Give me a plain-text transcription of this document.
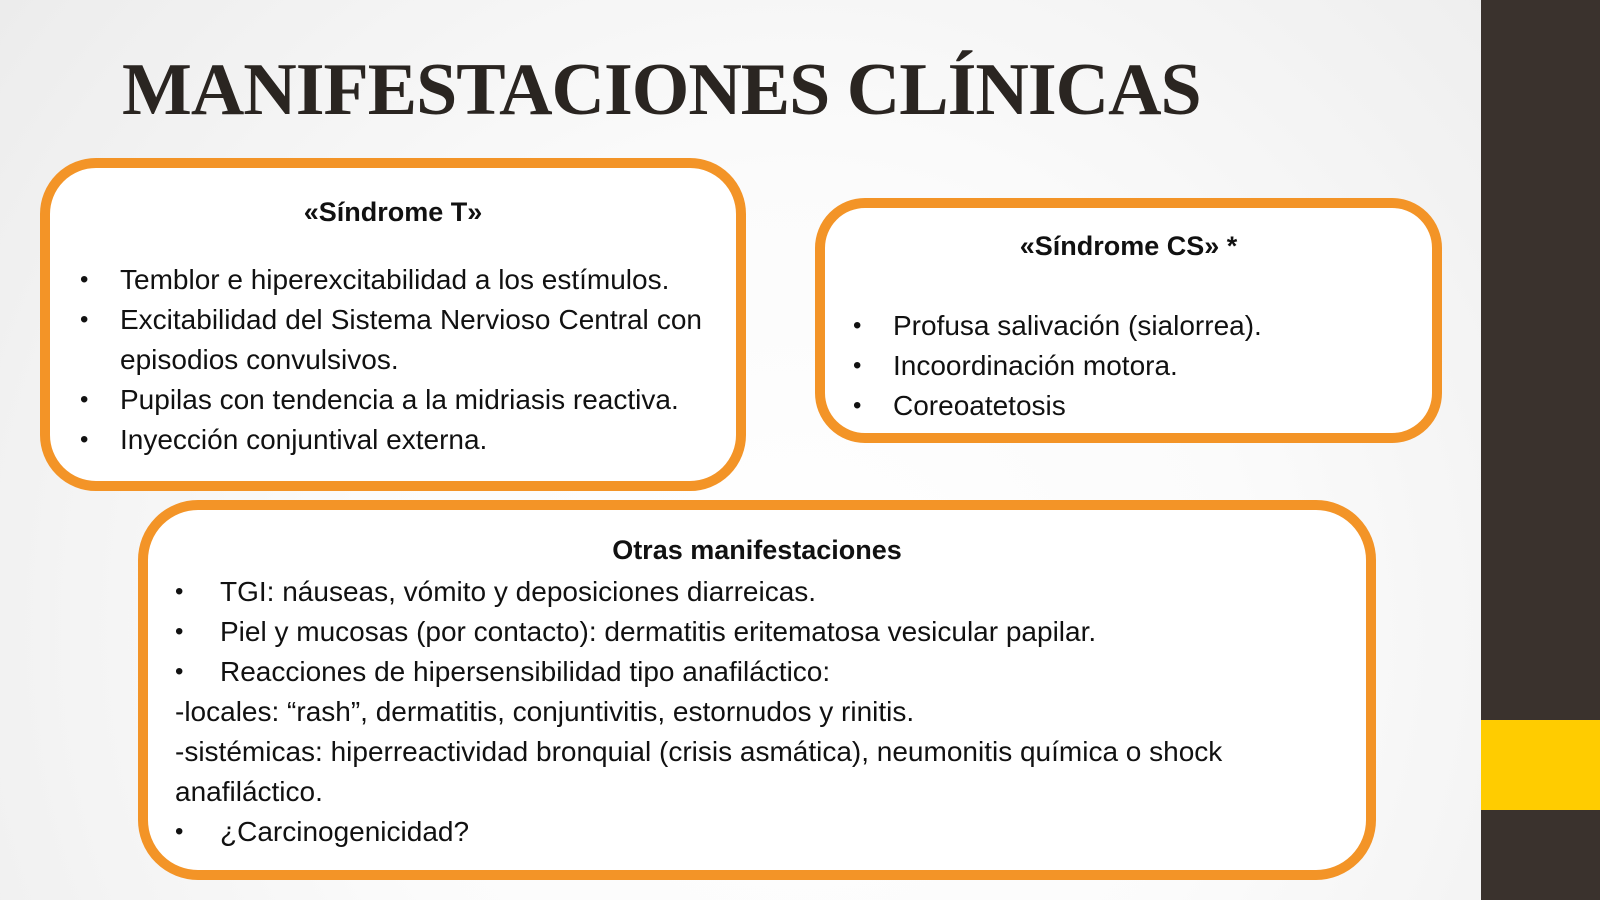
MANIFESTACIONES CLÍNICAS
«Síndrome T»
• Temblor e hiperexcitabilidad a los estímulos.
• Excitabilidad del Sistema Nervioso Central con episodios convulsivos.
• Pupilas con tendencia a la midriasis reactiva.
• Inyección conjuntival externa.
«Síndrome CS» *
• Profusa salivación (sialorrea).
• Incoordinación motora.
• Coreoatetosis
Otras manifestaciones
• TGI: náuseas, vómito y deposiciones diarreicas.
• Piel y mucosas (por contacto): dermatitis eritematosa vesicular papilar.
• Reacciones de hipersensibilidad tipo anafiláctico:
-locales: “rash”, dermatitis, conjuntivitis, estornudos y rinitis.
-sistémicas: hiperreactividad bronquial (crisis asmática), neumonitis química o shock anafiláctico.
• ¿Carcinogenicidad?
